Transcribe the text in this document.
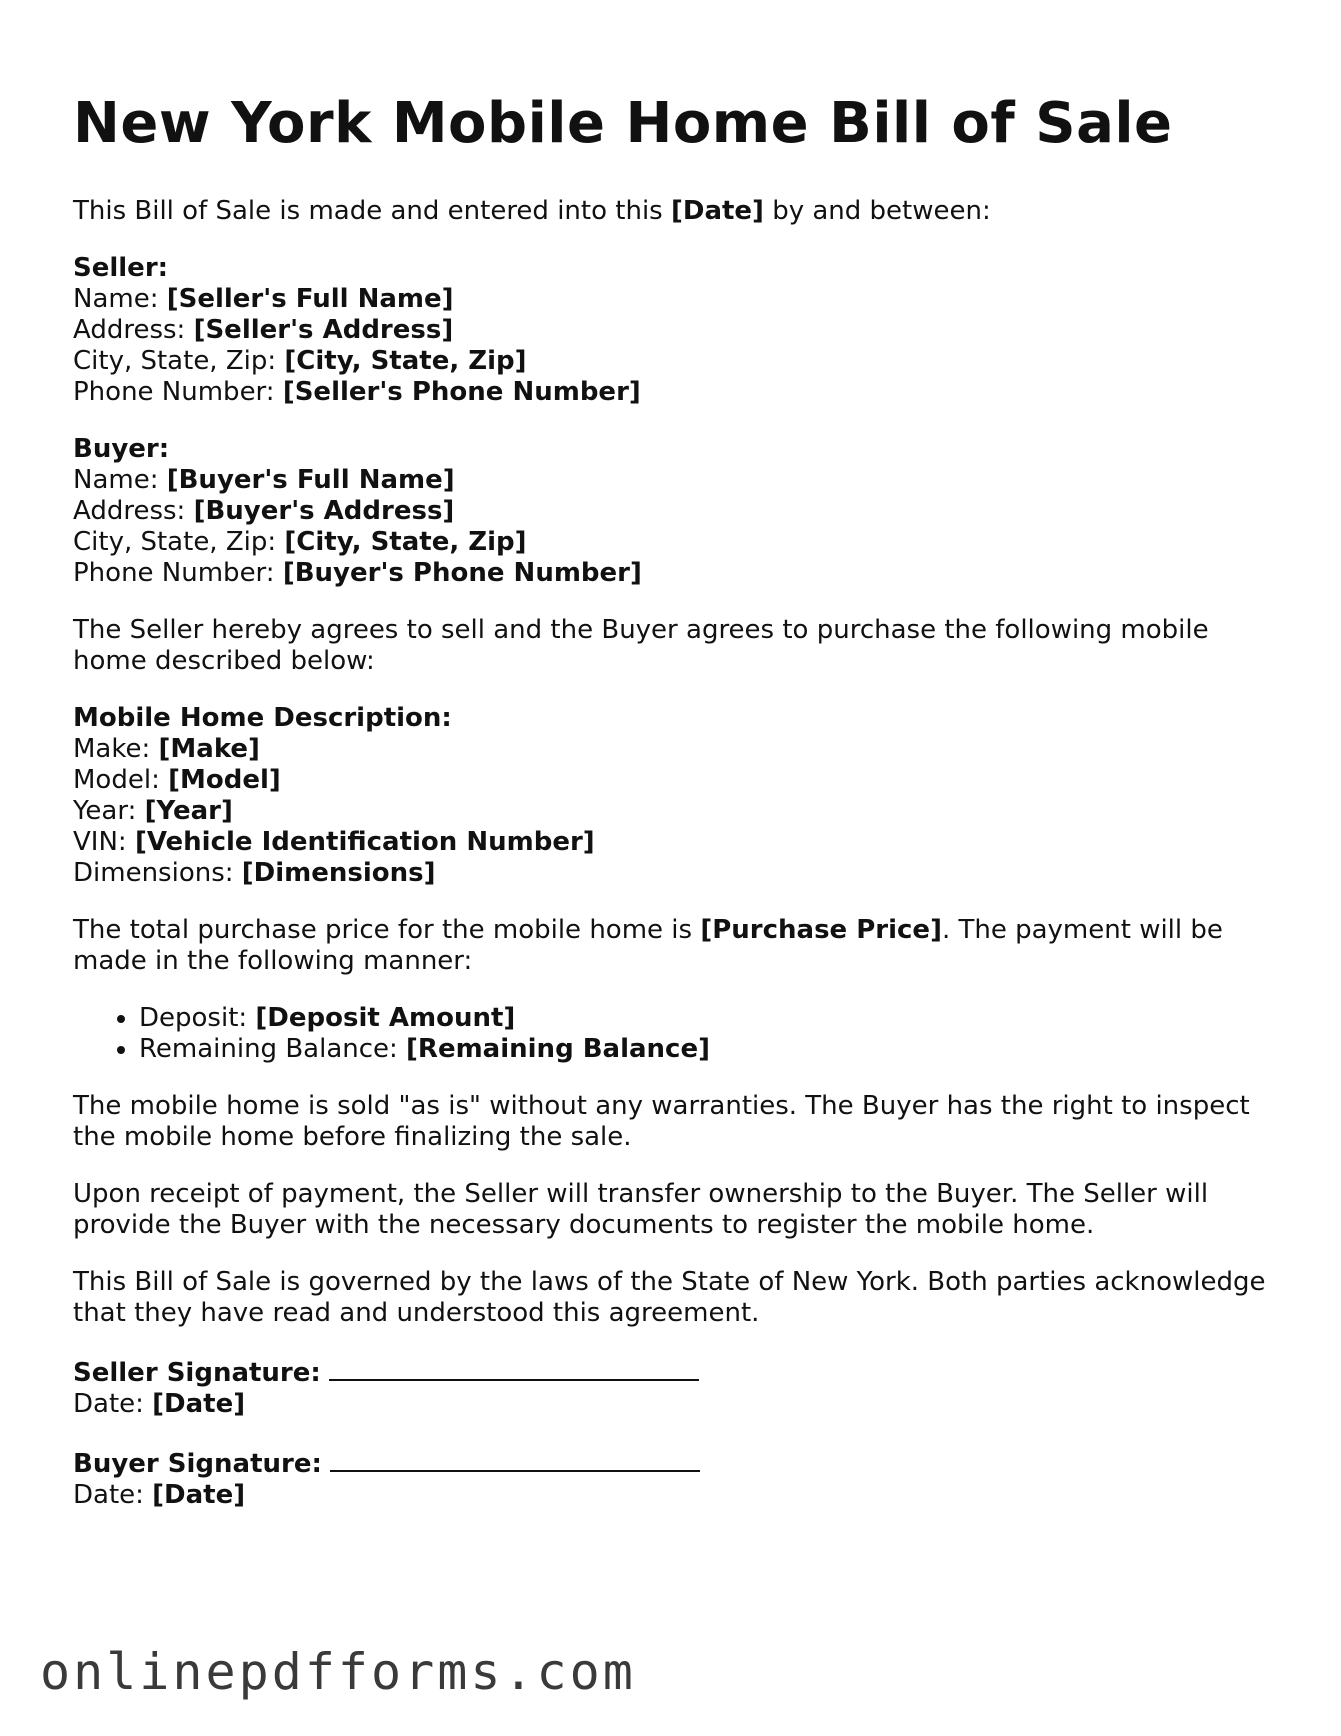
New York Mobile Home Bill of Sale

This Bill of Sale is made and entered into this [Date] by and between:

Seller:
Name: [Seller's Full Name]
Address: [Seller's Address]
City, State, Zip: [City, State, Zip]
Phone Number: [Seller's Phone Number]
Buyer:
Name: [Buyer's Full Name]
Address: [Buyer's Address]
City, State, Zip: [City, State, Zip]
Phone Number: [Buyer's Phone Number]

The Seller hereby agrees to sell and the Buyer agrees to purchase the following mobile home described below:

Mobile Home Description:
Make: [Make]
Model: [Model]
Year: [Year]
VIN: [Vehicle Identification Number]
Dimensions: [Dimensions]

The total purchase price for the mobile home is [Purchase Price]. The payment will be made in the following manner:

• Deposit: [Deposit Amount]
• Remaining Balance: [Remaining Balance]

The mobile home is sold "as is" without any warranties. The Buyer has the right to inspect the mobile home before finalizing the sale.

Upon receipt of payment, the Seller will transfer ownership to the Buyer. The Seller will provide the Buyer with the necessary documents to register the mobile home.

This Bill of Sale is governed by the laws of the State of New York. Both parties acknowledge that they have read and understood this agreement.

Seller Signature:
Date: [Date]
Buyer Signature:
Date: [Date]
onlinepdfforms.com
